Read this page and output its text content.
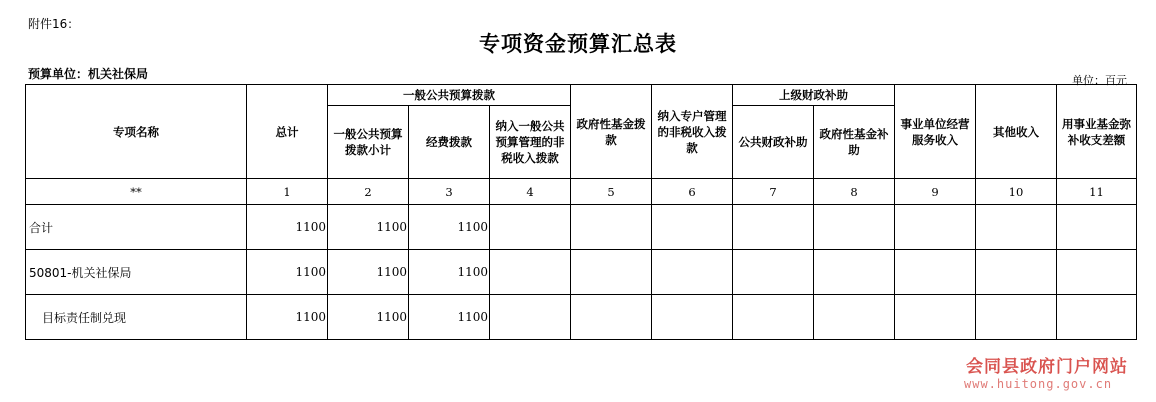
附件16：
专项资金预算汇总表
预算单位：机关社保局	单位：百元
专项名称	总计	一般公共预算拨款			政府性基金拨款	纳入专户管理的非税收入拨款	上级财政补助		事业单位经营服务收入	其他收入	用事业基金弥补收支差额
		一般公共预算拨款小计	经费拨款	纳入一般公共预算管理的非税收入拨款			公共财政补助	政府性基金补助			
**	1	2	3	4	5	6	7	8	9	10	11
合计	1100	1100	1100								
50801-机关社保局	1100	1100	1100								
目标责任制兑现	1100	1100	1100								
会同县政府门户网站
www.huitong.gov.cn
